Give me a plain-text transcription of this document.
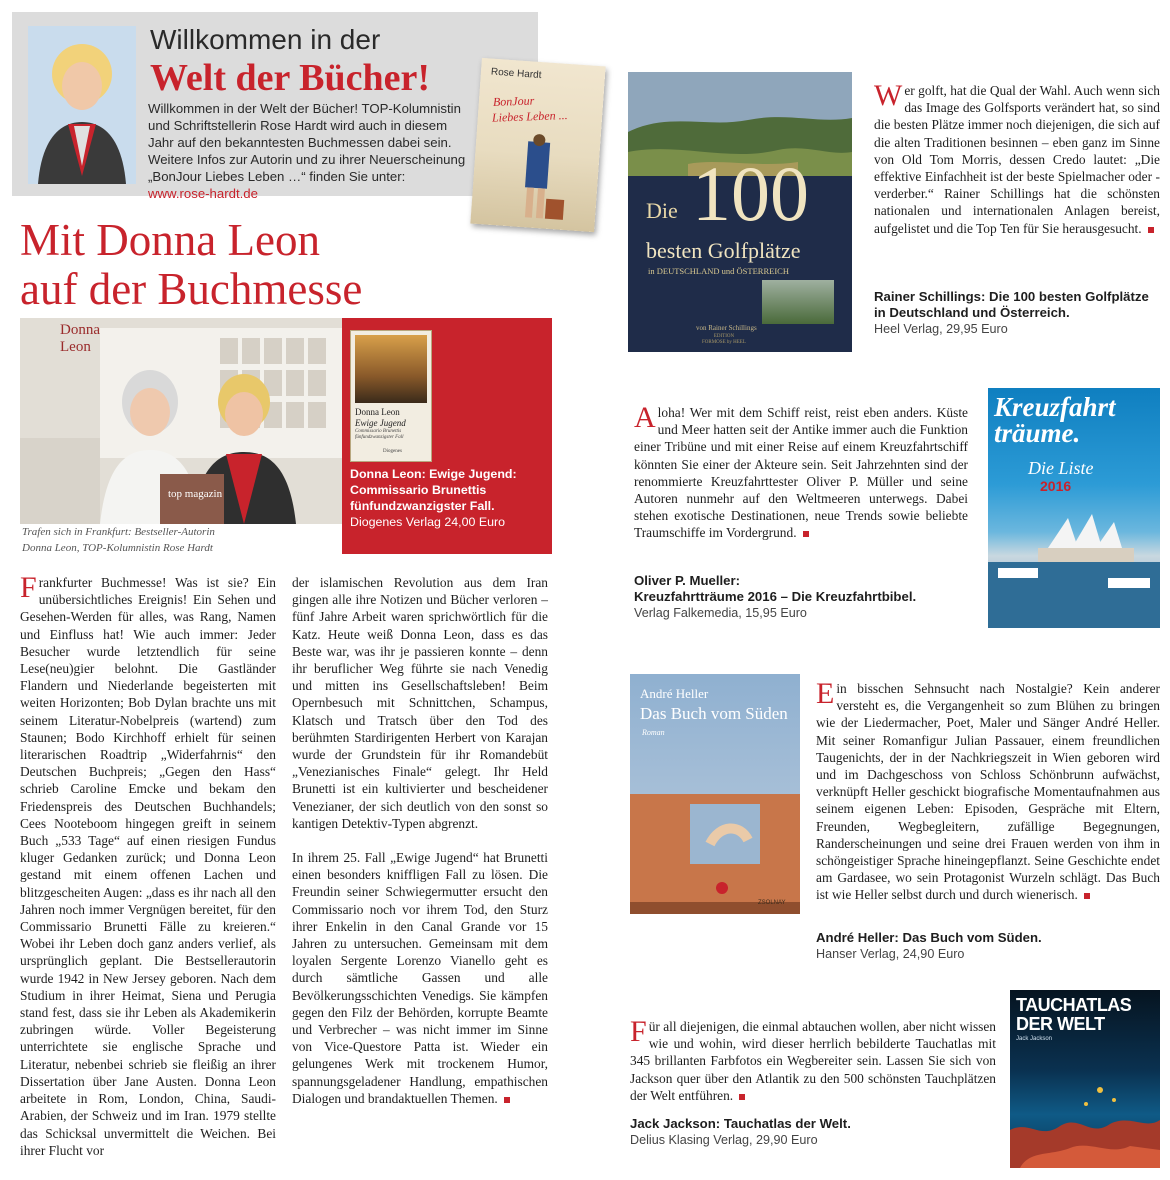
Willkommen in der
Welt der Bücher!
Willkommen in der Welt der Bücher! TOP-Kolumnistin und Schriftstellerin Rose Hardt wird auch in diesem Jahr auf den bekanntesten Buchmessen dabei sein. Weitere Infos zur Autorin und zu ihrer Neuerscheinung „BonJour Liebes Leben …“ finden Sie unter: www.rose-hardt.de
Rose Hardt
BonJour
Liebes Leben ...
Mit Donna Leon
auf der Buchmesse
Donna
Leon
top magazin
Trafen sich in Frankfurt: Bestseller-Autorin
Donna Leon, TOP-Kolumnistin Rose Hardt
Donna Leon
Ewige Jugend
Commissario Brunettis fünfundzwanzigster Fall
Diogenes
Donna Leon: Ewige Jugend: Commissario Brunettis fünfundzwanzigster Fall.
Diogenes Verlag 24,00 Euro
Frankfurter Buchmesse! Was ist sie? Ein unübersichtliches Ereignis! Ein Sehen und Gesehen-Werden für alles, was Rang, Namen und Einfluss hat! Wie auch immer: Jeder Besucher wurde letztendlich für seine Lese(neu)gier belohnt. Die Gastländer Flandern und Niederlande begeisterten mit weiten Horizonten; Bob Dylan brachte uns mit seinem Literatur-Nobelpreis (wartend) zum Staunen; Bodo Kirchhoff erhielt für seinen literarischen Roadtrip „Widerfahrnis“ den Deutschen Buchpreis; „Gegen den Hass“ schrieb Caroline Emcke und bekam den Friedenspreis des Deutschen Buchhandels; Cees Nooteboom hingegen greift in seinem Buch „533 Tage“ auf einen riesigen Fundus kluger Gedanken zurück; und Donna Leon gestand mit einem offenen Lachen und blitzgescheiten Augen: „dass es ihr nach all den Jahren noch immer Vergnügen bereitet, für den Commissario Brunetti Fälle zu kreieren.“ Wobei ihr Leben doch ganz anders verlief, als ursprünglich geplant. Die Bestsellerautorin wurde 1942 in New Jersey geboren. Nach dem Studium in ihrer Heimat, Siena und Perugia stand fest, dass sie ihr Leben als Akademikerin zubringen würde. Voller Begeisterung unterrichtete sie englische Sprache und Literatur, nebenbei schrieb sie fleißig an ihrer Dissertation über Jane Austen. Donna Leon arbeitete in Rom, London, China, Saudi-Arabien, der Schweiz und im Iran. 1979 stellte das Schicksal unvermittelt die Weichen. Bei ihrer Flucht vor

der islamischen Revolution aus dem Iran gingen alle ihre Notizen und Bücher verloren – fünf Jahre Arbeit waren sprichwörtlich für die Katz. Heute weiß Donna Leon, dass es das Beste war, was ihr je passieren konnte – denn ihr beruflicher Weg führte sie nach Venedig und mitten ins Gesellschaftsleben! Beim Opernbesuch mit Schnittchen, Schampus, Klatsch und Tratsch über den Tod des berühmten Stardirigenten Herbert von Karajan wurde der Grundstein für ihr Romandebüt „Venezianisches Finale“ gelegt. Ihr Held Brunetti ist ein kultivierter und bescheidener Venezianer, der sich deutlich von den sonst so kantigen Detektiv-Typen abgrenzt.

In ihrem 25. Fall „Ewige Jugend“ hat Brunetti einen besonders kniffligen Fall zu lösen. Die Freundin seiner Schwiegermutter ersucht den Commissario noch vor ihrem Tod, den Sturz ihrer Enkelin in den Canal Grande vor 15 Jahren zu untersuchen. Gemeinsam mit dem loyalen Sergente Lorenzo Vianello geht es durch sämtliche Gassen und alle Bevölkerungsschichten Venedigs. Sie kämpfen gegen den Filz der Behörden, korrupte Beamte und Verbrecher – was nicht immer im Sinne von Vice-Questore Patta ist. Wieder ein gelungenes Werk mit trockenem Humor, spannungsgeladener Handlung, empathischen Dialogen und brandaktuellen Themen.

Die 100
besten Golfplätze
in DEUTSCHLAND und ÖSTERREICH
von Rainer Schillings
EDITION
FORMOSE by HEEL
Wer golft, hat die Qual der Wahl. Auch wenn sich das Image des Golfsports verändert hat, so sind die besten Plätze immer noch diejenigen, die sich auf die alten Traditionen besinnen – eben ganz im Sinne von Old Tom Morris, dessen Credo lautet: „Die effektive Einfachheit ist der beste Spielmacher oder -verderber.“ Rainer Schillings hat die schönsten nationalen und internationalen Anlagen bereist, aufgelistet und die Top Ten für Sie herausgesucht.
Rainer Schillings: Die 100 besten Golfplätze in Deutschland und Österreich.
Heel Verlag, 29,95 Euro
Aloha! Wer mit dem Schiff reist, reist eben anders. Küste und Meer hatten seit der Antike immer auch die Funktion einer Tribüne und mit einer Reise auf einem Kreuzfahrtschiff könnten Sie einer der Akteure sein. Seit Jahrzehnten sind der renommierte Kreuzfahrttester Oliver P. Müller und seine Autoren nunmehr auf den Weltmeeren unterwegs. Dabei stehen exotische Destinationen, neue Trends sowie beliebte Traumschiffe im Vordergrund.
Oliver P. Mueller:
Kreuzfahrtträume 2016 – Die Kreuzfahrtbibel.
Verlag Falkemedia, 15,95 Euro
Kreuzfahrt träume.
Die Liste
2016
André Heller
Das Buch vom Süden
Roman
ZSOLNAY
Ein bisschen Sehnsucht nach Nostalgie? Kein anderer versteht es, die Vergangenheit so zum Blühen zu bringen wie der Liedermacher, Poet, Maler und Sänger André Heller. Mit seiner Romanfigur Julian Passauer, einem freundlichen Taugenichts, der in der Nachkriegszeit in Wien geboren wird und im Dachgeschoss von Schloss Schönbrunn aufwächst, verknüpft Heller geschickt biografische Momentaufnahmen aus seinem eigenen Leben: Episoden, Gespräche mit Eltern, Freunden, Wegbegleitern, zufällige Begegnungen, Randerscheinungen und seine drei Frauen werden von ihm in schöngeistiger Sprache hineingepflanzt. Seine Geschichte endet am Gardasee, wo sein Protagonist Wurzeln schlägt. Das Buch ist wie Heller selbst durch und durch wienerisch.
André Heller: Das Buch vom Süden.
Hanser Verlag, 24,90 Euro
Für all diejenigen, die einmal abtauchen wollen, aber nicht wissen wie und wohin, wird dieser herrlich bebilderte Tauchatlas mit 345 brillanten Farbfotos ein Wegbereiter sein. Lassen Sie sich von Jackson quer über den Atlantik zu den 500 schönsten Tauchplätzen der Welt entführen.
Jack Jackson: Tauchatlas der Welt.
Delius Klasing Verlag, 29,90 Euro
TAUCHATLAS
DER WELT
Jack Jackson
